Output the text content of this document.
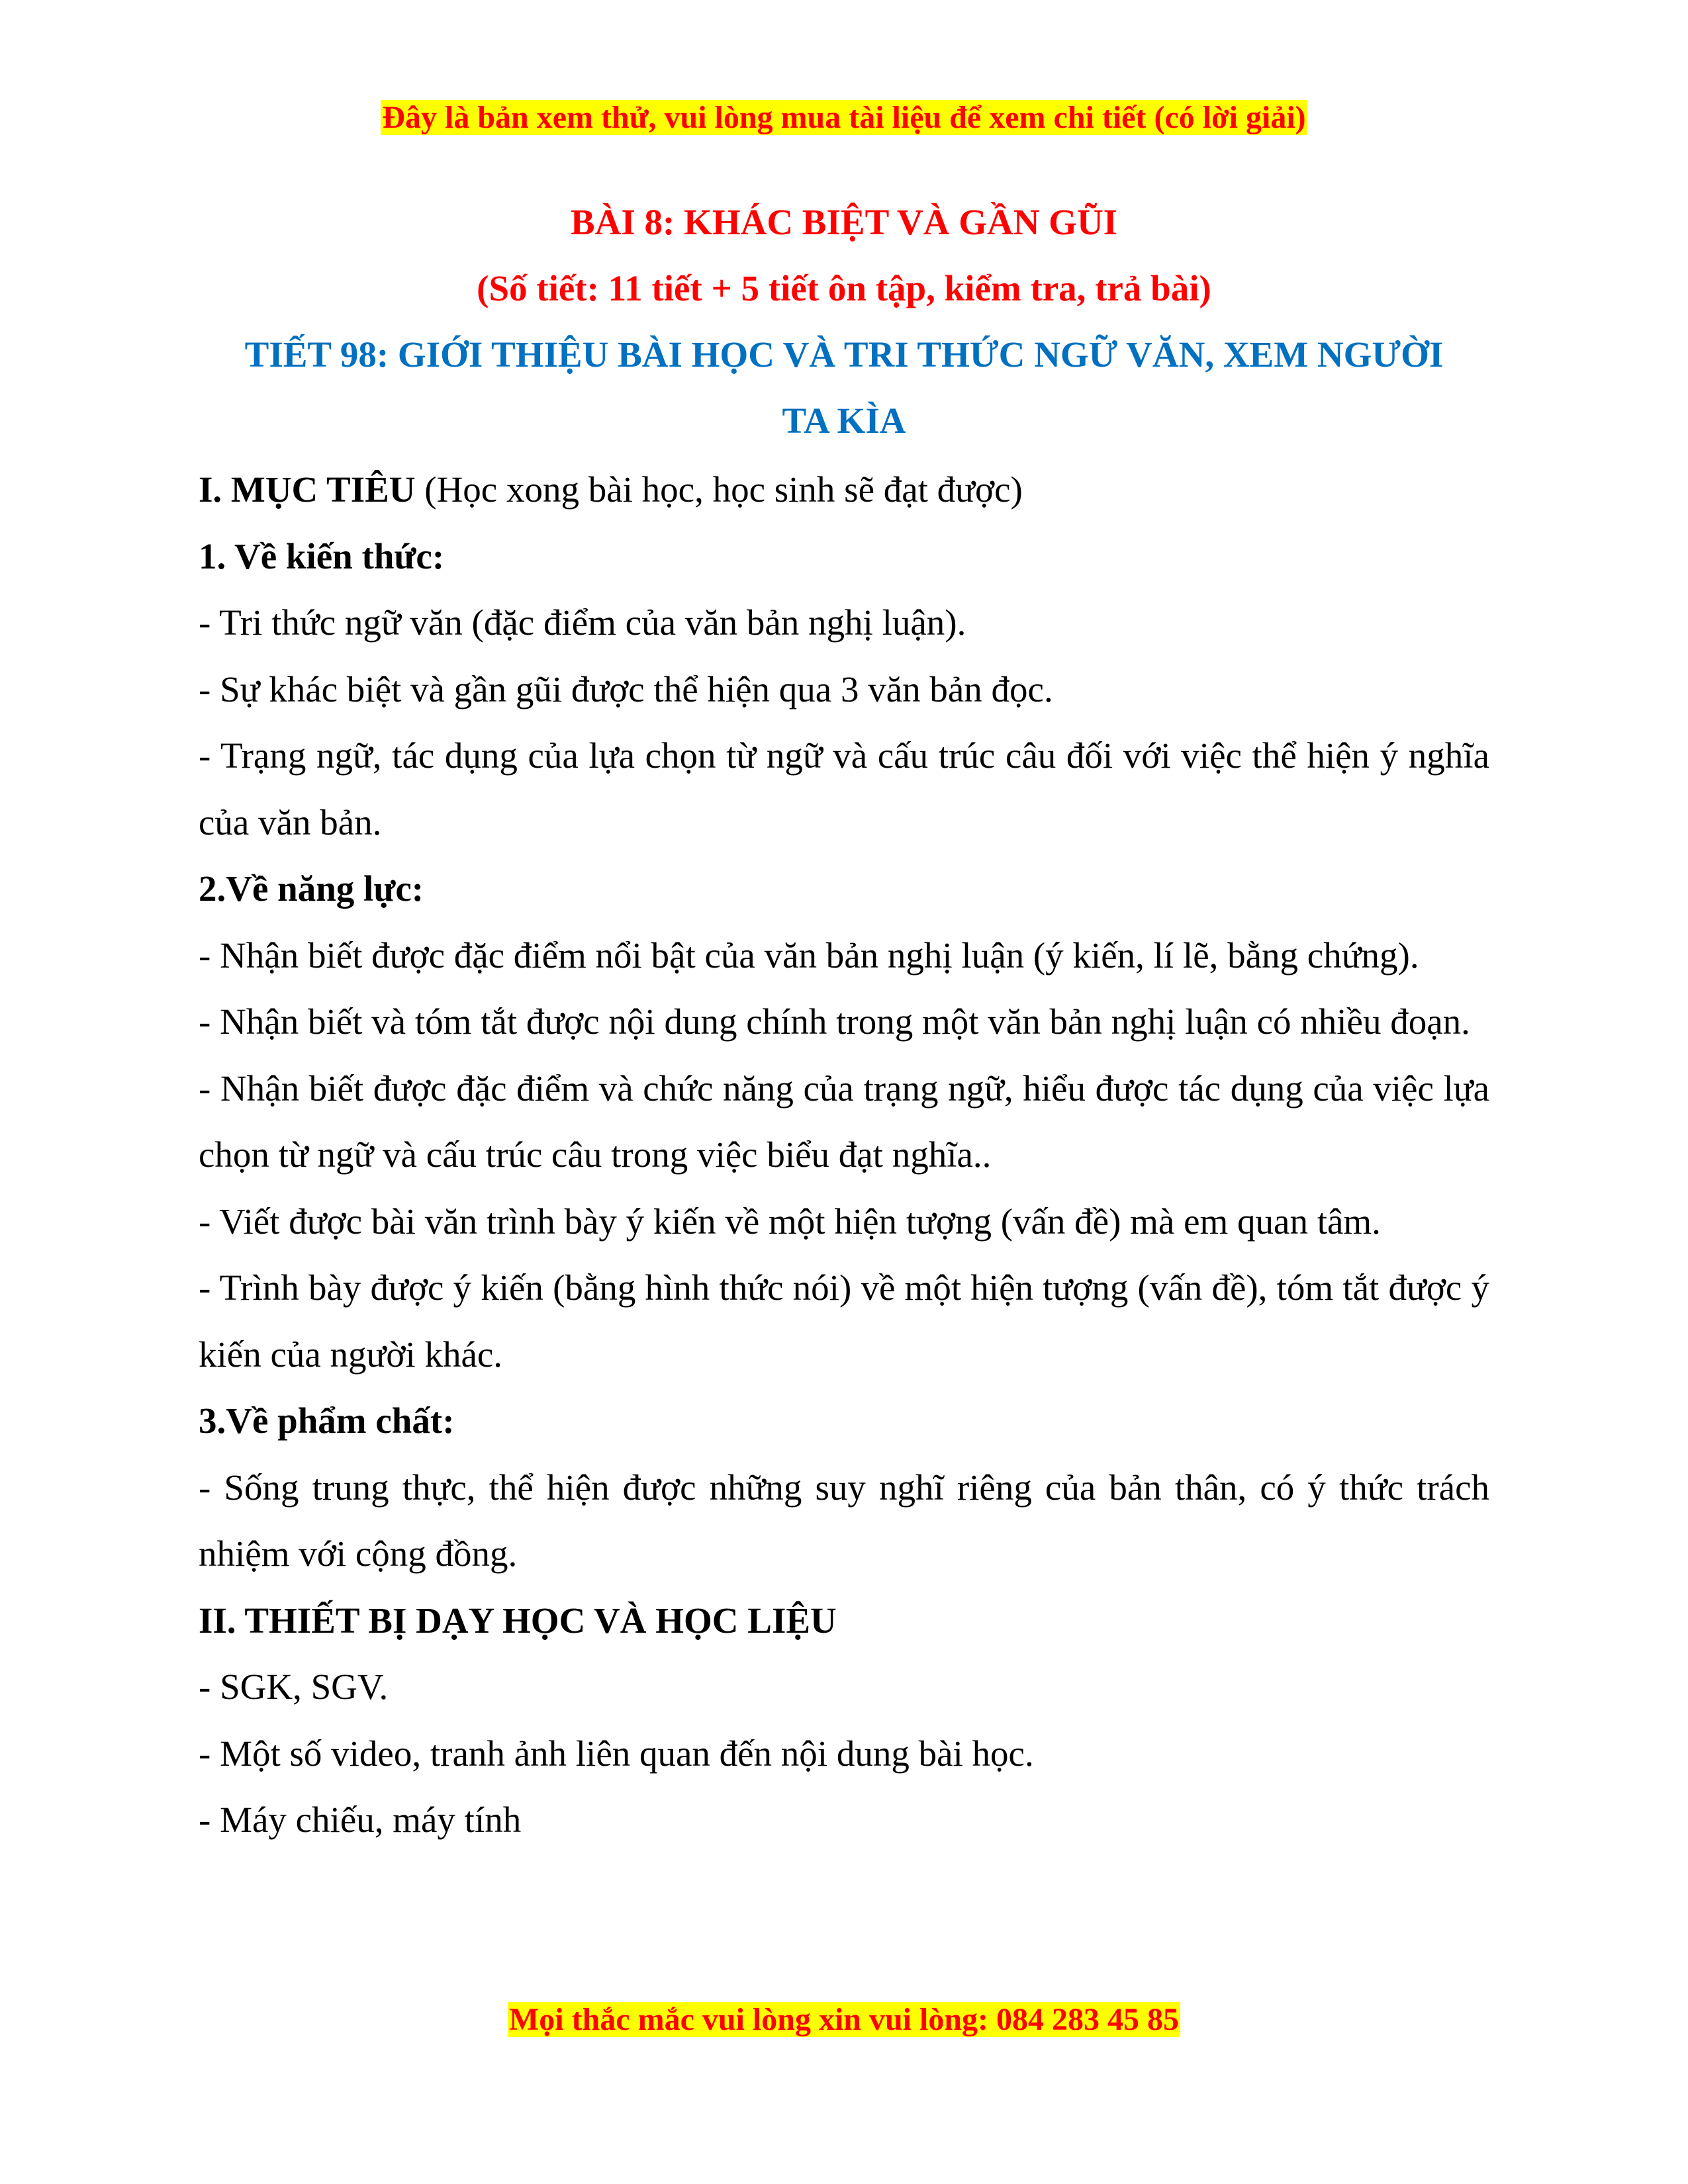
Đây là bản xem thử, vui lòng mua tài liệu để xem chi tiết (có lời giải)
BÀI 8: KHÁC BIỆT VÀ GẦN GŨI
(Số tiết: 11 tiết + 5 tiết ôn tập, kiểm tra, trả bài)
TIẾT 98: GIỚI THIỆU BÀI HỌC VÀ TRI THỨC NGỮ VĂN, XEM NGƯỜI
TA KÌA

I. MỤC TIÊU (Học xong bài học, học sinh sẽ đạt được)

1. Về kiến thức:

- Tri thức ngữ văn (đặc điểm của văn bản nghị luận).

- Sự khác biệt và gần gũi được thể hiện qua 3 văn bản đọc.

- Trạng ngữ, tác dụng của lựa chọn từ ngữ và cấu trúc câu đối với việc thể hiện ý nghĩa của văn bản.

2.Về năng lực:

- Nhận biết được đặc điểm nổi bật của văn bản nghị luận (ý kiến, lí lẽ, bằng chứng).

- Nhận biết và tóm tắt được nội dung chính trong một văn bản nghị luận có nhiều đoạn.

- Nhận biết được đặc điểm và chức năng của trạng ngữ, hiểu được tác dụng của việc lựa chọn từ ngữ và cấu trúc câu trong việc biểu đạt nghĩa..

- Viết được bài văn trình bày ý kiến về một hiện tượng (vấn đề) mà em quan tâm.

- Trình bày được ý kiến (bằng hình thức nói) về một hiện tượng (vấn đề), tóm tắt được ý kiến của người khác.

3.Về phẩm chất:

- Sống trung thực, thể hiện được những suy nghĩ riêng của bản thân, có ý thức trách nhiệm với cộng đồng.

II. THIẾT BỊ DẠY HỌC VÀ HỌC LIỆU

- SGK, SGV.

- Một số video, tranh ảnh liên quan đến nội dung bài học.

- Máy chiếu, máy tính

Mọi thắc mắc vui lòng xin vui lòng: 084 283 45 85
